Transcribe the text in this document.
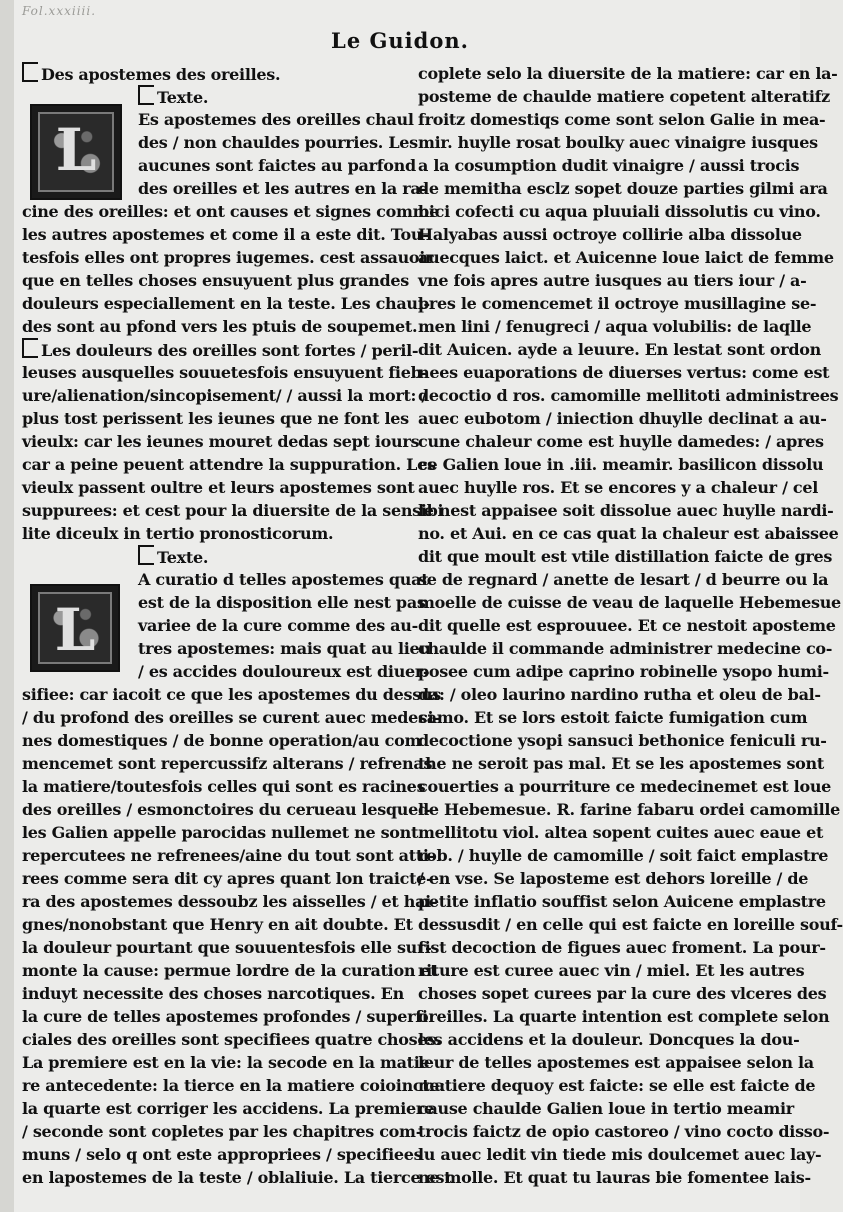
Fol.xxxiiii.
Le Guidon.
Des apostemes des oreilles.
Texte.
Es apostemes des oreilles chaul
des / non chauldes pourries. Les
aucunes sont faictes au parfond
des oreilles et les autres en la ra-
cine des oreilles: et ont causes et signes comme
les autres apostemes et come il a este dit. Tou-
tesfois elles ont propres iugemes. cest assauoir
que en telles choses ensuyuent plus grandes
douleurs especiallement en la teste. Les chaul-
des sont au pfond vers les ptuis de soupemet.
Les douleurs des oreilles sont fortes / peril-
leuses ausquelles souuetesfois ensuyuent fieb-
ure/alienation/sincopisement/ / aussi la mort: /
plus tost perissent les ieunes que ne font les
vieulx: car les ieunes mouret dedas sept iours
car a peine peuent attendre la suppuration. Les
vieulx passent oultre et leurs apostemes sont
suppurees: et cest pour la diuersite de la sensibi
lite diceulx in tertio pronosticorum.
Texte.
A curatio d telles apostemes quat
est de la disposition elle nest pas
variee de la cure comme des au-
tres apostemes: mais quat au lieu
/ es accides douloureux est diuer-
sifiee: car iacoit ce que les apostemes du dessus
/ du profond des oreilles se curent auec medeci-
nes domestiques / de bonne operation/au com
mencemet sont repercussifz alterans / refrenas
la matiere/toutesfois celles qui sont es racines
des oreilles / esmonctoires du cerueau lesquel-
les Galien appelle parocidas nullemet ne sont
repercutees ne refrenees/aine du tout sont atti-
rees comme sera dit cy apres quant lon traicte-
ra des apostemes dessoubz les aisselles / et hai-
gnes/nonobstant que Henry en ait doubte. Et
la douleur pourtant que souuentesfois elle sur-
monte la cause: permue lordre de la curation et
induyt necessite des choses narcotiques. En
la cure de telles apostemes profondes / superfi
ciales des oreilles sont specifiees quatre choses.
La premiere est en la vie: la secode en la matie
re antecedente: la tierce en la matiere coioincte:
la quarte est corriger les accidens. La premiere
/ seconde sont copletes par les chapitres com-
muns / selo q ont este appropriees / specifiees
en lapostemes de la teste / oblaliuie. La tierce est
coplete selo la diuersite de la matiere: car en la-
posteme de chaulde matiere copetent alteratifz
froitz domestiqs come sont selon Galie in mea-
mir. huylle rosat boulky auec vinaigre iusques
a la cosumption dudit vinaigre / aussi trocis
de memitha esclz sopet douze parties gilmi ara
bici cofecti cu aqua pluuiali dissolutis cu vino.
Halyabas aussi octroye collirie alba dissolue
auecques laict. et Auicenne loue laict de femme
vne fois apres autre iusques au tiers iour / a-
pres le comencemet il octroye musillagine se-
men lini / fenugreci / aqua volubilis: de laqlle
dit Auicen. ayde a leuure. En lestat sont ordon
nees euaporations de diuerses vertus: come est
decoctio d ros. camomille mellitoti administrees
auec eubotom / iniection dhuylle declinat a au-
cune chaleur come est huylle damedes: / apres
ce Galien loue in .iii. meamir. basilicon dissolu
auec huylle ros. Et se encores y a chaleur / cel
le nest appaisee soit dissolue auec huylle nardi-
no. et Aui. en ce cas quat la chaleur est abaissee
dit que moult est vtile distillation faicte de gres
se de regnard / anette de lesart / d beurre ou la
moelle de cuisse de veau de laquelle Hebemesue
dit quelle est esprouuee. Et ce nestoit aposteme
chaulde il commande administrer medecine co-
posee cum adipe caprino robinelle ysopo humi-
da: / oleo laurino nardino rutha et oleu de bal-
samo. Et se lors estoit faicte fumigation cum
decoctione ysopi sansuci bethonice feniculi ru-
the ne seroit pas mal. Et se les apostemes sont
couerties a pourriture ce medecinemet est loue
de Hebemesue. R. farine fabaru ordei camomille
mellitotu viol. altea sopent cuites auec eaue et
rob. / huylle de camomille / soit faict emplastre
/ en vse. Se laposteme est dehors loreille / de
petite inflatio souffist selon Auicene emplastre
dessusdit / en celle qui est faicte en loreille souf-
fist decoction de figues auec froment. La pour-
riture est curee auec vin / miel. Et les autres
choses sopet curees par la cure des vlceres des
oreilles. La quarte intention est complete selon
les accidens et la douleur. Doncques la dou-
leur de telles apostemes est appaisee selon la
matiere dequoy est faicte: se elle est faicte de
cause chaulde Galien loue in tertio meamir
trocis faictz de opio castoreo / vino cocto disso-
lu auec ledit vin tiede mis doulcemet auec lay-
ne molle. Et quat tu lauras bie fomentee lais-
L
L
